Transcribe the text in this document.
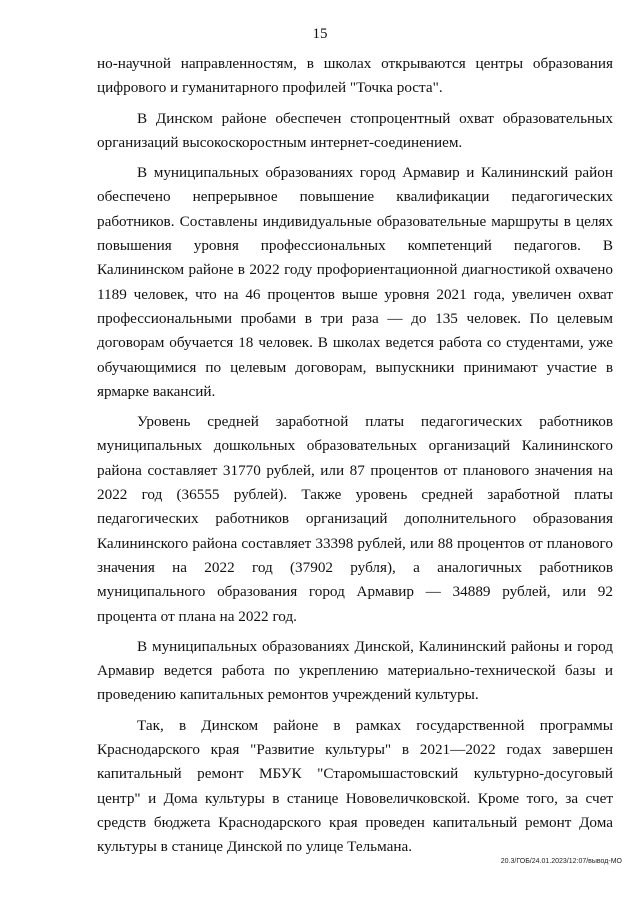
15

но-научной направленностям, в школах открываются центры образования цифрового и гуманитарного профилей "Точка роста".

В Динском районе обеспечен стопроцентный охват образовательных организаций высокоскоростным интернет-соединением.

В муниципальных образованиях город Армавир и Калининский район обеспечено непрерывное повышение квалификации педагогических работников. Составлены индивидуальные образовательные маршруты в целях повышения уровня профессиональных компетенций педагогов. В Калининском районе в 2022 году профориентационной диагностикой охвачено 1189 человек, что на 46 процентов выше уровня 2021 года, увеличен охват профессиональными пробами в три раза — до 135 человек. По целевым договорам обучается 18 человек. В школах ведется работа со студентами, уже обучающимися по целевым договорам, выпускники принимают участие в ярмарке вакансий.

Уровень средней заработной платы педагогических работников муниципальных дошкольных образовательных организаций Калининского района составляет 31770 рублей, или 87 процентов от планового значения на 2022 год (36555 рублей). Также уровень средней заработной платы педагогических работников организаций дополнительного образования Калининского района составляет 33398 рублей, или 88 процентов от планового значения на 2022 год (37902 рубля), а аналогичных работников муниципального образования город Армавир — 34889 рублей, или 92 процента от плана на 2022 год.

В муниципальных образованиях Динской, Калининский районы и город Армавир ведется работа по укреплению материально-технической базы и проведению капитальных ремонтов учреждений культуры.

Так, в Динском районе в рамках государственной программы Краснодарского края "Развитие культуры" в 2021—2022 годах завершен капитальный ремонт МБУК "Старомышастовский культурно-досуговый центр" и Дома культуры в станице Нововеличковской. Кроме того, за счет средств бюджета Краснодарского края проведен капитальный ремонт Дома культуры в станице Динской по улице Тельмана.

20.3/ГОБ/24.01.2023/12:07/вывод-МО
